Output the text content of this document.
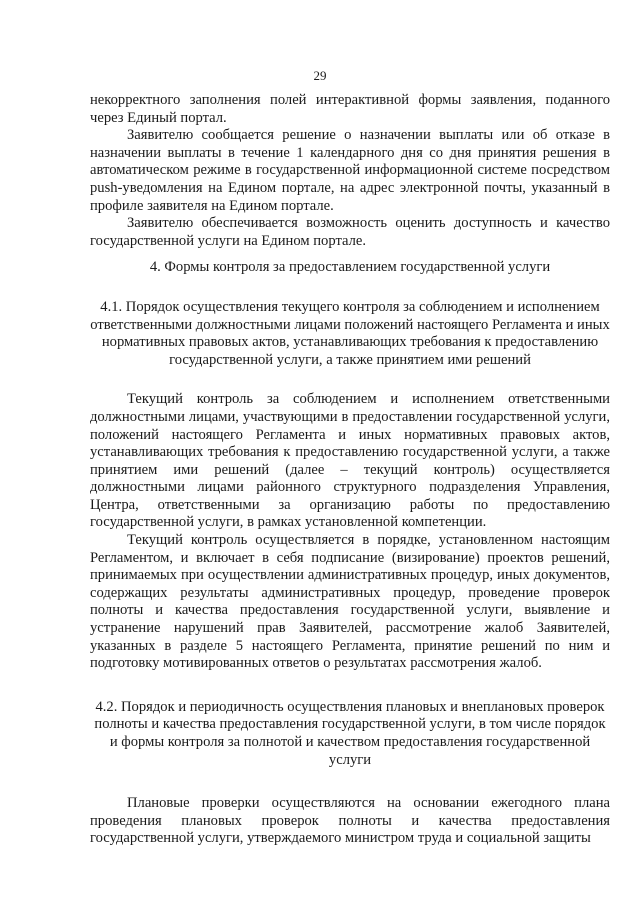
29

некорректного заполнения полей интерактивной формы заявления, поданного через Единый портал.

Заявителю сообщается решение о назначении выплаты или об отказе в назначении выплаты в течение 1 календарного дня со дня принятия решения в автоматическом режиме в государственной информационной системе посредством push-уведомления на Едином портале, на адрес электронной почты, указанный в профиле заявителя на Едином портале.

Заявителю обеспечивается возможность оценить доступность и качество государственной услуги на Едином портале.

4. Формы контроля за предоставлением государственной услуги

4.1. Порядок осуществления текущего контроля за соблюдением и исполнением ответственными должностными лицами положений настоящего Регламента и иных нормативных правовых актов, устанавливающих требования к предоставлению государственной услуги, а также принятием ими решений

Текущий контроль за соблюдением и исполнением ответственными должностными лицами, участвующими в предоставлении государственной услуги, положений настоящего Регламента и иных нормативных правовых актов, устанавливающих требования к предоставлению государственной услуги, а также принятием ими решений (далее – текущий контроль) осуществляется должностными лицами районного структурного подразделения Управления, Центра, ответственными за организацию работы по предоставлению государственной услуги, в рамках установленной компетенции.

Текущий контроль осуществляется в порядке, установленном настоящим Регламентом, и включает в себя подписание (визирование) проектов решений, принимаемых при осуществлении административных процедур, иных документов, содержащих результаты административных процедур, проведение проверок полноты и качества предоставления государственной услуги, выявление и устранение нарушений прав Заявителей, рассмотрение жалоб Заявителей, указанных в разделе 5 настоящего Регламента, принятие решений по ним и подготовку мотивированных ответов о результатах рассмотрения жалоб.

4.2. Порядок и периодичность осуществления плановых и внеплановых проверок полноты и качества предоставления государственной услуги, в том числе порядок и формы контроля за полнотой и качеством предоставления государственной услуги

Плановые проверки осуществляются на основании ежегодного плана проведения плановых проверок полноты и качества предоставления государственной услуги, утверждаемого министром труда и социальной защиты
